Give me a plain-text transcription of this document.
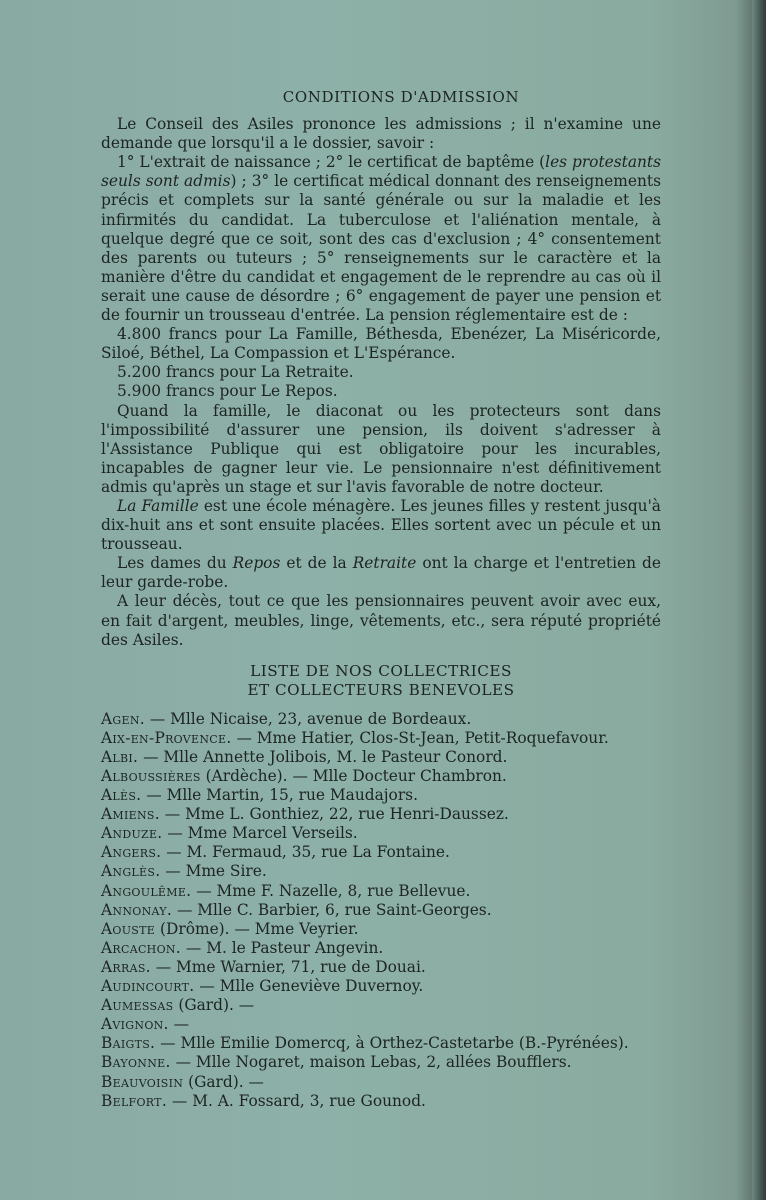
CONDITIONS D'ADMISSION

Le Conseil des Asiles prononce les admissions ; il n'examine une demande que lorsqu'il a le dossier, savoir :

1° L'extrait de naissance ; 2° le certificat de baptême (les protestants seuls sont admis) ; 3° le certificat médical donnant des renseignements précis et complets sur la santé générale ou sur la maladie et les infirmités du candidat. La tuberculose et l'aliénation mentale, à quelque degré que ce soit, sont des cas d'exclusion ; 4° consentement des parents ou tuteurs ; 5° renseignements sur le caractère et la manière d'être du candidat et engagement de le reprendre au cas où il serait une cause de désordre ; 6° engagement de payer une pension et de fournir un trousseau d'entrée. La pension réglementaire est de :

4.800 francs pour La Famille, Béthesda, Ebenézer, La Miséricorde, Siloé, Béthel, La Compassion et L'Espérance.

5.200 francs pour La Retraite.

5.900 francs pour Le Repos.

Quand la famille, le diaconat ou les protecteurs sont dans l'impossibilité d'assurer une pension, ils doivent s'adresser à l'Assistance Publique qui est obligatoire pour les incurables, incapables de gagner leur vie. Le pensionnaire n'est définitivement admis qu'après un stage et sur l'avis favorable de notre docteur.

La Famille est une école ménagère. Les jeunes filles y restent jusqu'à dix-huit ans et sont ensuite placées. Elles sortent avec un pécule et un trousseau.

Les dames du Repos et de la Retraite ont la charge et l'entretien de leur garde-robe.

A leur décès, tout ce que les pensionnaires peuvent avoir avec eux, en fait d'argent, meubles, linge, vêtements, etc., sera réputé propriété des Asiles.

LISTE DE NOS COLLECTRICES
ET COLLECTEURS BENEVOLES
Agen. — Mlle Nicaise, 23, avenue de Bordeaux.
Aix-en-Provence. — Mme Hatier, Clos-St-Jean, Petit-Roquefavour.
Albi. — Mlle Annette Jolibois, M. le Pasteur Conord.
Alboussières (Ardèche). — Mlle Docteur Chambron.
Alès. — Mlle Martin, 15, rue Maudajors.
Amiens. — Mme L. Gonthiez, 22, rue Henri-Daussez.
Anduze. — Mme Marcel Verseils.
Angers. — M. Fermaud, 35, rue La Fontaine.
Anglès. — Mme Sire.
Angoulême. — Mme F. Nazelle, 8, rue Bellevue.
Annonay. — Mlle C. Barbier, 6, rue Saint-Georges.
Aouste (Drôme). — Mme Veyrier.
Arcachon. — M. le Pasteur Angevin.
Arras. — Mme Warnier, 71, rue de Douai.
Audincourt. — Mlle Geneviève Duvernoy.
Aumessas (Gard). —
Avignon. —
Baigts. — Mlle Emilie Domercq, à Orthez-Castetarbe (B.-Pyrénées).
Bayonne. — Mlle Nogaret, maison Lebas, 2, allées Boufflers.
Beauvoisin (Gard). —
Belfort. — M. A. Fossard, 3, rue Gounod.
